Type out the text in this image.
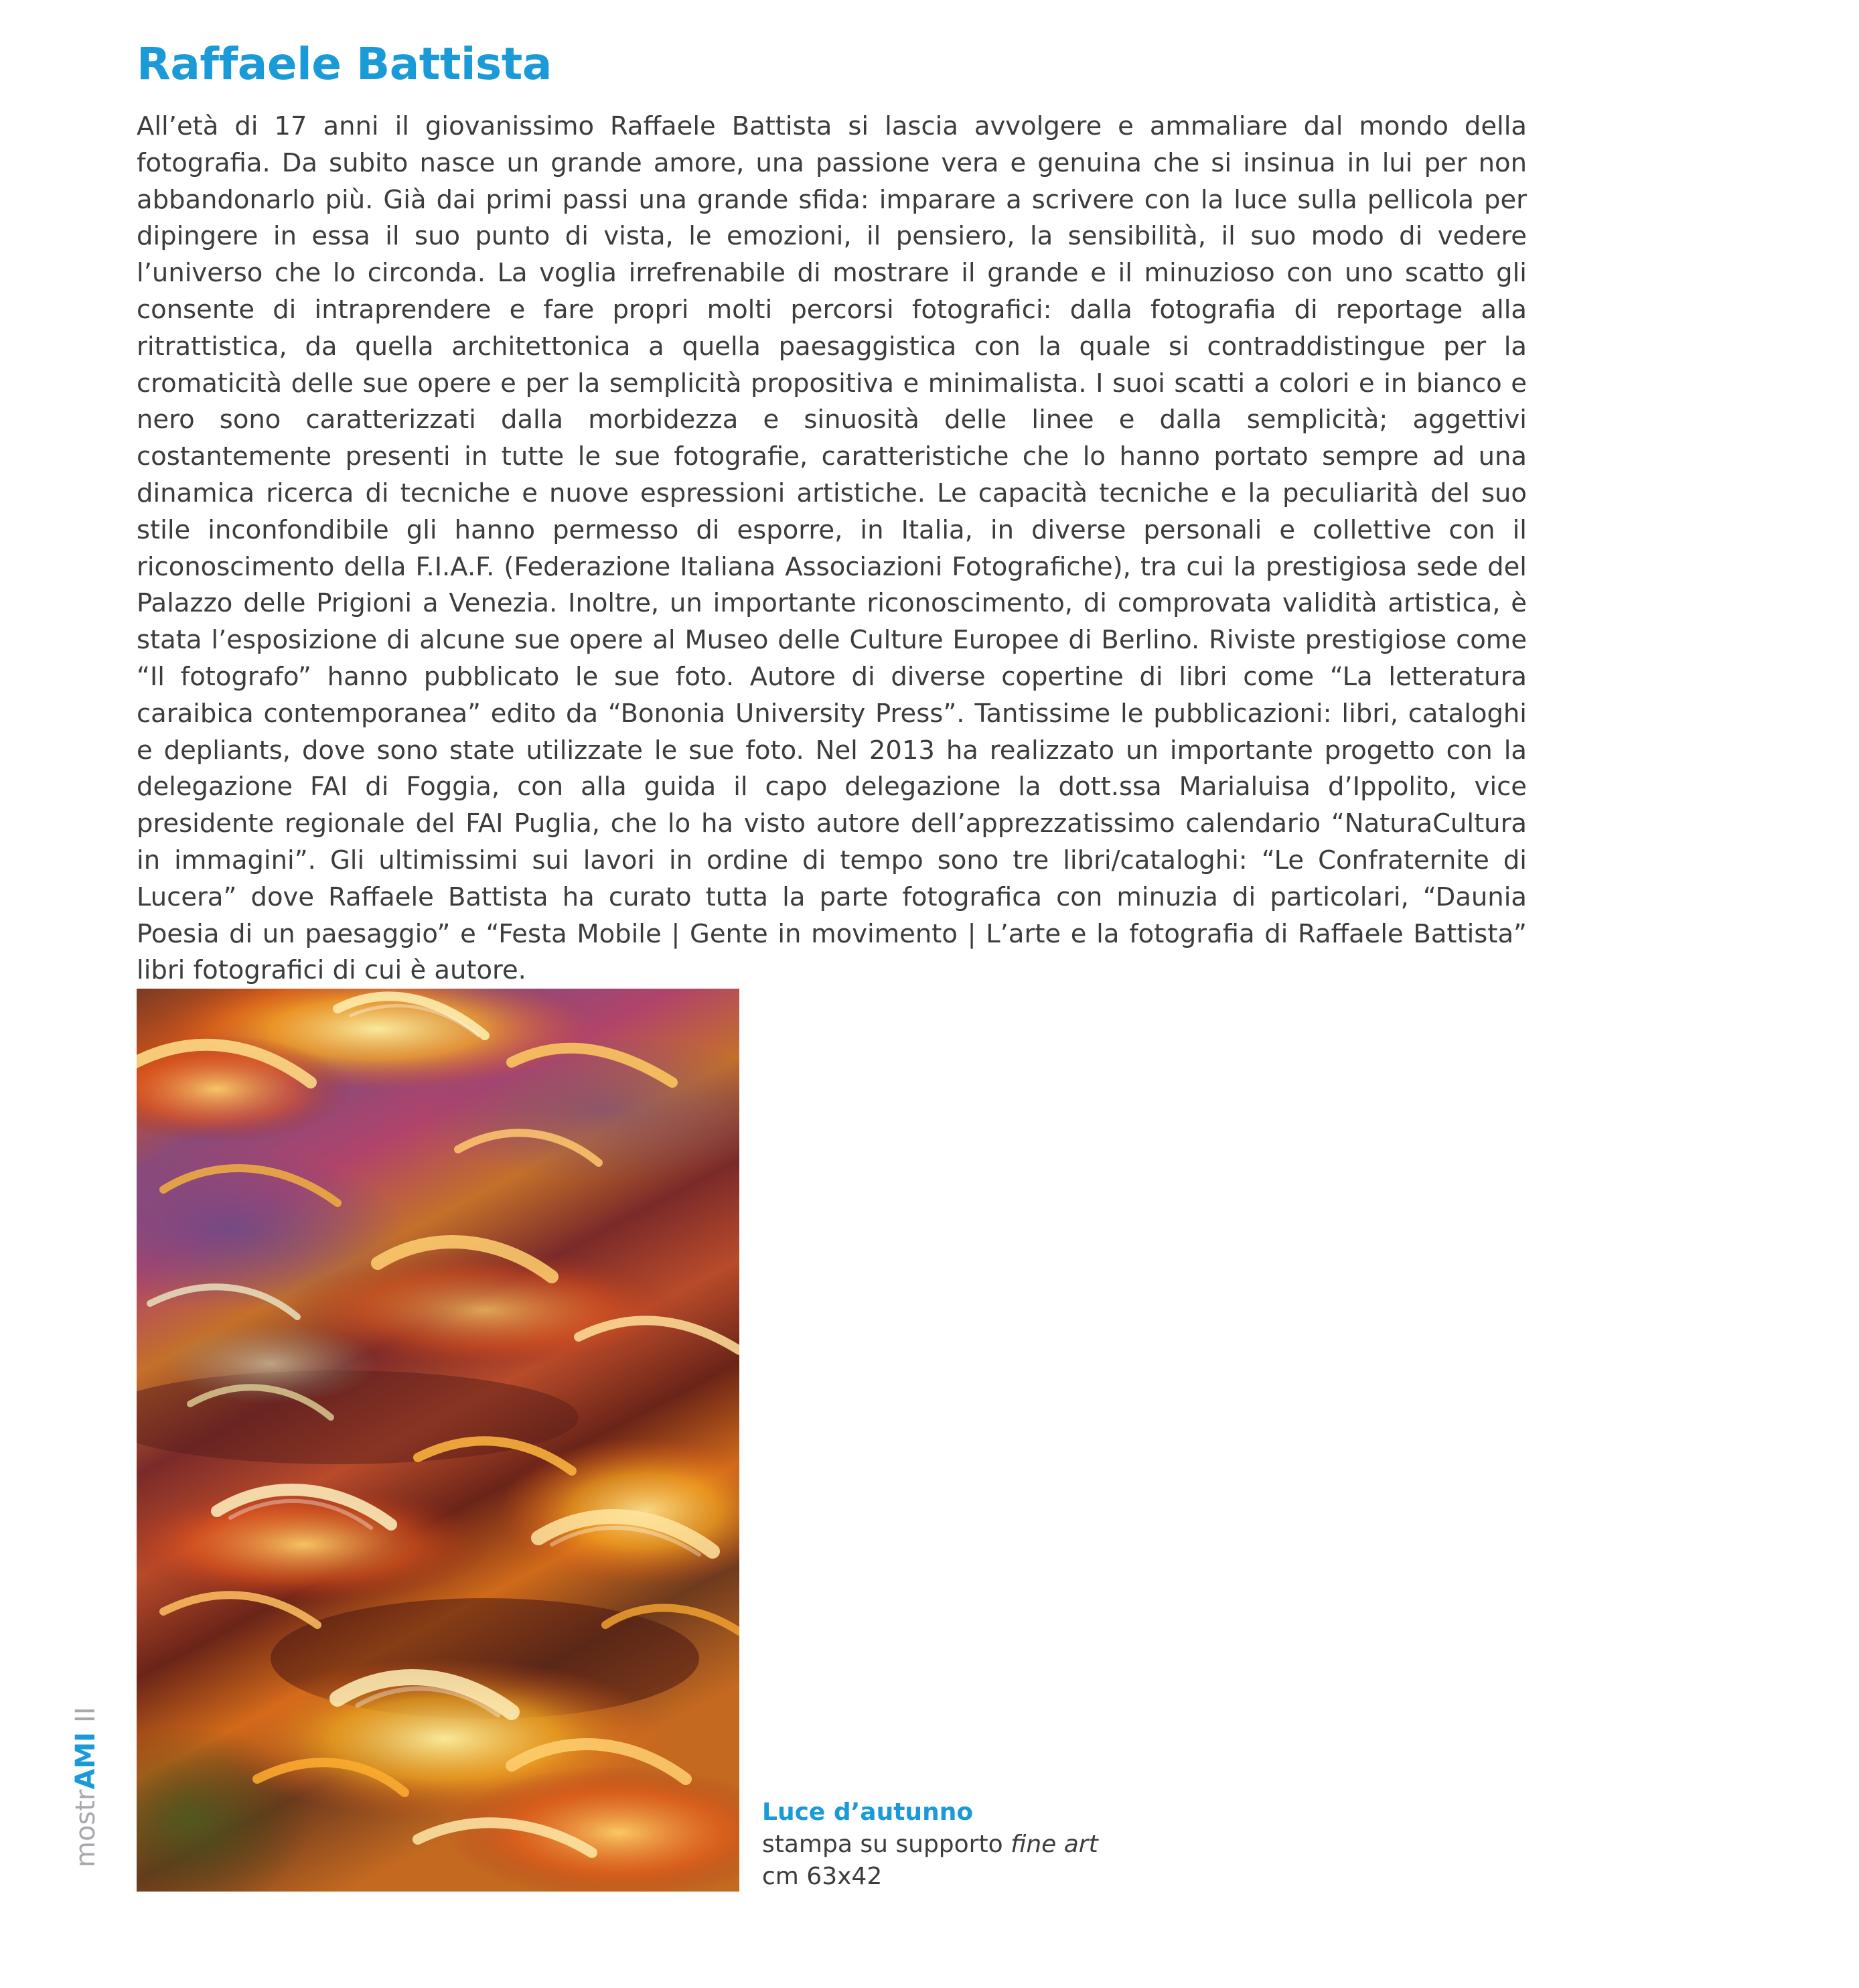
Raffaele Battista

All’età di 17 anni il giovanissimo Raffaele Battista si lascia avvolgere e ammaliare dal mondo della fotografia. Da subito nasce un grande amore, una passione vera e genuina che si insinua in lui per non abbandonarlo più. Già dai primi passi una grande sfida: imparare a scrivere con la luce sulla pellicola per dipingere in essa il suo punto di vista, le emozioni, il pensiero, la sensibilità, il suo modo di vedere l’universo che lo circonda. La voglia irrefrenabile di mostrare il grande e il minuzioso con uno scatto gli consente di intraprendere e fare propri molti percorsi fotografici: dalla fotografia di reportage alla ritrattistica, da quella architettonica a quella paesaggistica con la quale si contraddistingue per la cromaticità delle sue opere e per la semplicità propositiva e minimalista. I suoi scatti a colori e in bianco e nero sono caratterizzati dalla morbidezza e sinuosità delle linee e dalla semplicità; aggettivi costantemente presenti in tutte le sue fotografie, caratteristiche che lo hanno portato sempre ad una dinamica ricerca di tecniche e nuove espressioni artistiche. Le capacità tecniche e la peculiarità del suo stile inconfondibile gli hanno permesso di esporre, in Italia, in diverse personali e collettive con il riconoscimento della F.I.A.F. (Federazione Italiana Associazioni Fotografiche), tra cui la prestigiosa sede del Palazzo delle Prigioni a Venezia. Inoltre, un importante riconoscimento, di comprovata validità artistica, è stata l’esposizione di alcune sue opere al Museo delle Culture Europee di Berlino. Riviste prestigiose come “Il fotografo” hanno pubblicato le sue foto. Autore di diverse copertine di libri come “La letteratura caraibica contemporanea” edito da “Bononia University Press”. Tantissime le pubblicazioni: libri, cataloghi e depliants, dove sono state utilizzate le sue foto. Nel 2013 ha realizzato un importante progetto con la delegazione FAI di Foggia, con alla guida il capo delegazione la dott.ssa Marialuisa d’Ippolito, vice presidente regionale del FAI Puglia, che lo ha visto autore dell’apprezzatissimo calendario “NaturaCultura in immagini”. Gli ultimissimi sui lavori in ordine di tempo sono tre libri/cataloghi: “Le Confraternite di Lucera” dove Raffaele Battista ha curato tutta la parte fotografica con minuzia di particolari, “Daunia Poesia di un paesaggio” e “Festa Mobile | Gente in movimento | L’arte e la fotografia di Raffaele Battista” libri fotografici di cui è autore.

Luce d’autunno
stampa su supporto fine art
cm 63x42
mostrAMIII
